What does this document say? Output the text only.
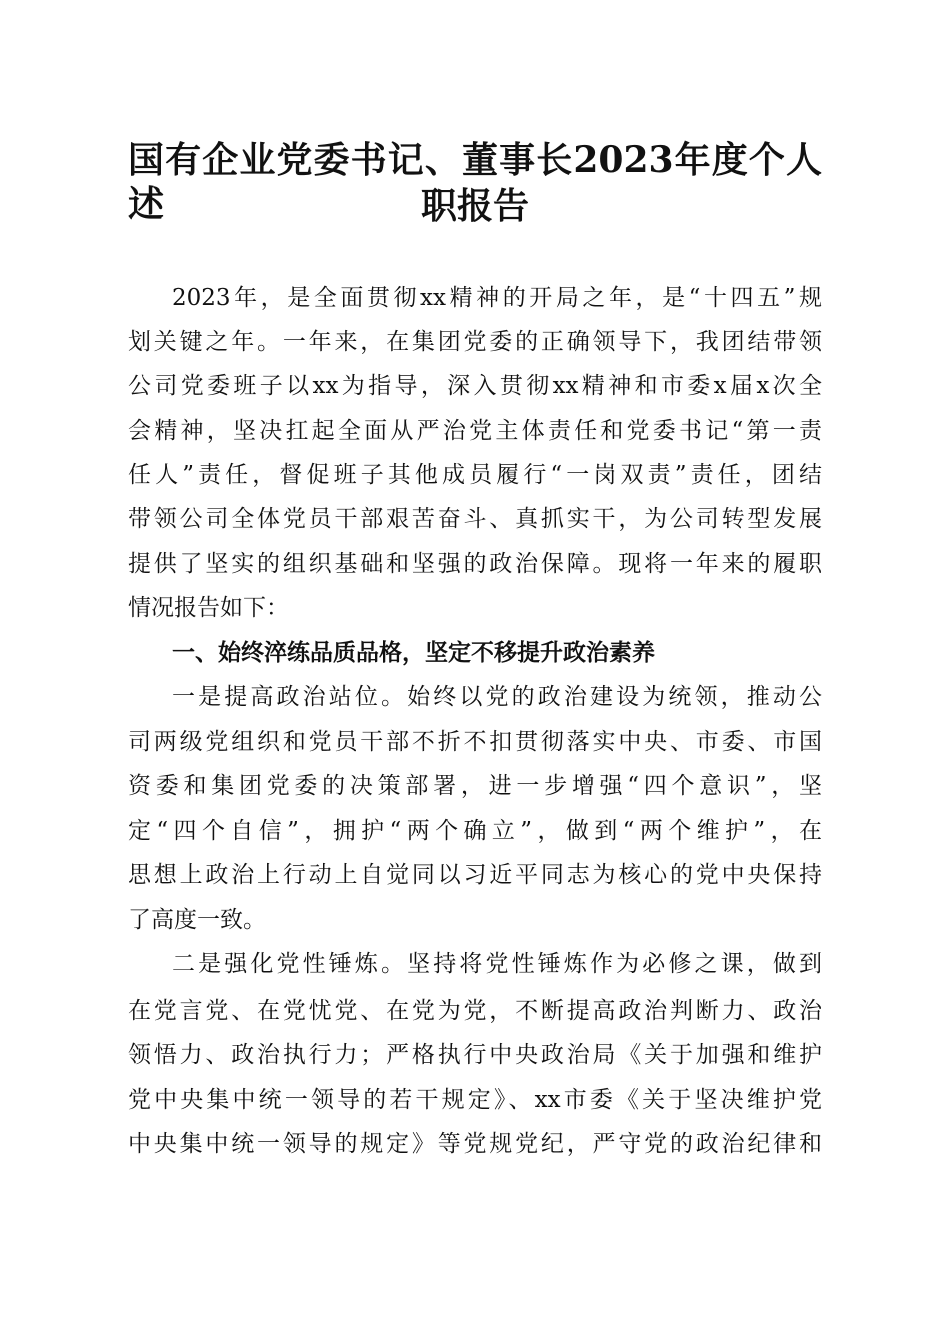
国有企业党委书记、董事长2023年度个人述	职报告
2023年，是全面贯彻xx精神的开局之年，是“十四五”规
划关键之年。一年来，在集团党委的正确领导下，我团结带领
公司党委班子以xx为指导，深入贯彻xx精神和市委x届x次全
会精神，坚决扛起全面从严治党主体责任和党委书记“第一责
任人”责任，督促班子其他成员履行“一岗双责”责任，团结
带领公司全体党员干部艰苦奋斗、真抓实干，为公司转型发展
提供了坚实的组织基础和坚强的政治保障。现将一年来的履职
情况报告如下：
一、始终淬练品质品格，坚定不移提升政治素养
一是提高政治站位。始终以党的政治建设为统领，推动公
司两级党组织和党员干部不折不扣贯彻落实中央、市委、市国
资委和集团党委的决策部署，进一步增强“四个意识”，坚
定“四个自信”，拥护“两个确立”，做到“两个维护”，在
思想上政治上行动上自觉同以习近平同志为核心的党中央保持
了高度一致。
二是强化党性锤炼。坚持将党性锤炼作为必修之课，做到
在党言党、在党忧党、在党为党，不断提高政治判断力、政治
领悟力、政治执行力；严格执行中央政治局《关于加强和维护
党中央集中统一领导的若干规定》、xx市委《关于坚决维护党
中央集中统一领导的规定》等党规党纪，严守党的政治纪律和
